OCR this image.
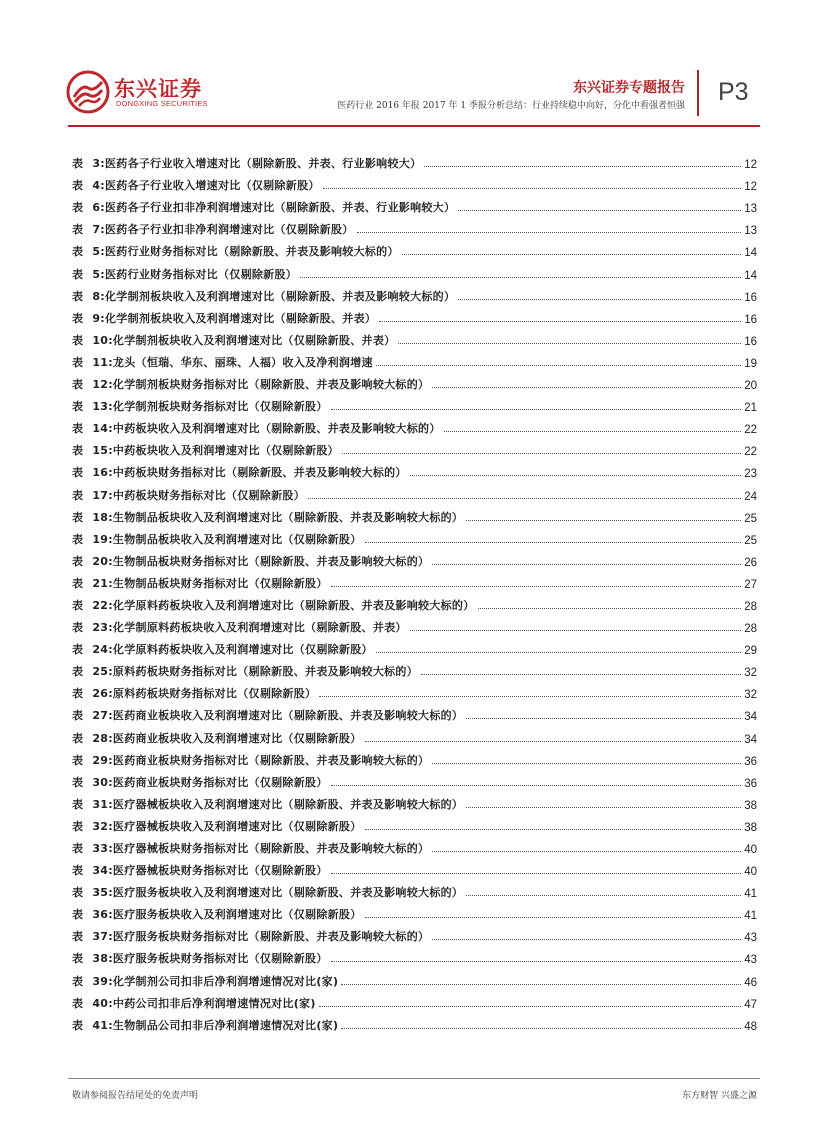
东兴证券
DONGXING SECURITIES
东兴证券专题报告
医药行业 2016 年报 2017 年 1 季报分析总结：行业持续稳中向好，分化中看强者恒强 P3
表 3:医药各子行业收入增速对比（剔除新股、并表、行业影响较大）	12
表 4:医药各子行业收入增速对比（仅剔除新股）	12
表 6:医药各子行业扣非净利润增速对比（剔除新股、并表、行业影响较大）	13
表 7:医药各子行业扣非净利润增速对比（仅剔除新股）	13
表 5:医药行业财务指标对比（剔除新股、并表及影响较大标的）	14
表 5:医药行业财务指标对比（仅剔除新股）	14
表 8:化学制剂板块收入及利润增速对比（剔除新股、并表及影响较大标的）	16
表 9:化学制剂板块收入及利润增速对比（剔除新股、并表）	16
表 10:化学制剂板块收入及利润增速对比（仅剔除新股、并表）	16
表 11:龙头（恒瑞、华东、丽珠、人福）收入及净利润增速	19
表 12:化学制剂板块财务指标对比（剔除新股、并表及影响较大标的）	20
表 13:化学制剂板块财务指标对比（仅剔除新股）	21
表 14:中药板块收入及利润增速对比（剔除新股、并表及影响较大标的）	22
表 15:中药板块收入及利润增速对比（仅剔除新股）	22
表 16:中药板块财务指标对比（剔除新股、并表及影响较大标的）	23
表 17:中药板块财务指标对比（仅剔除新股）	24
表 18:生物制品板块收入及利润增速对比（剔除新股、并表及影响较大标的）	25
表 19:生物制品板块收入及利润增速对比（仅剔除新股）	25
表 20:生物制品板块财务指标对比（剔除新股、并表及影响较大标的）	26
表 21:生物制品板块财务指标对比（仅剔除新股）	27
表 22:化学原料药板块收入及利润增速对比（剔除新股、并表及影响较大标的）	28
表 23:化学制原料药板块收入及利润增速对比（剔除新股、并表）	28
表 24:化学原料药板块收入及利润增速对比（仅剔除新股）	29
表 25:原料药板块财务指标对比（剔除新股、并表及影响较大标的）	32
表 26:原料药板块财务指标对比（仅剔除新股）	32
表 27:医药商业板块收入及利润增速对比（剔除新股、并表及影响较大标的）	34
表 28:医药商业板块收入及利润增速对比（仅剔除新股）	34
表 29:医药商业板块财务指标对比（剔除新股、并表及影响较大标的）	36
表 30:医药商业板块财务指标对比（仅剔除新股）	36
表 31:医疗器械板块收入及利润增速对比（剔除新股、并表及影响较大标的）	38
表 32:医疗器械板块收入及利润增速对比（仅剔除新股）	38
表 33:医疗器械板块财务指标对比（剔除新股、并表及影响较大标的）	40
表 34:医疗器械板块财务指标对比（仅剔除新股）	40
表 35:医疗服务板块收入及利润增速对比（剔除新股、并表及影响较大标的）	41
表 36:医疗服务板块收入及利润增速对比（仅剔除新股）	41
表 37:医疗服务板块财务指标对比（剔除新股、并表及影响较大标的）	43
表 38:医疗服务板块财务指标对比（仅剔除新股）	43
表 39:化学制剂公司扣非后净利润增速情况对比(家)	46
表 40:中药公司扣非后净利润增速情况对比(家)	47
表 41:生物制品公司扣非后净利润增速情况对比(家)	48
敬请参阅报告结尾处的免责声明	东方财智 兴盛之源
